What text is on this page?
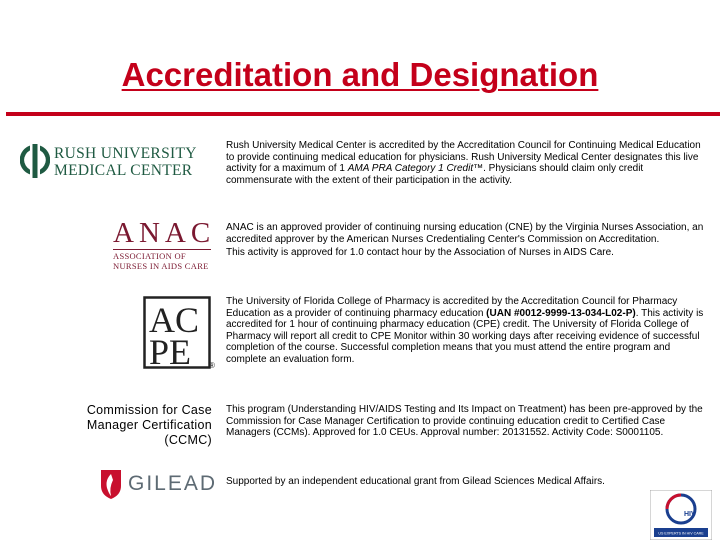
Accreditation and Designation
RUSH UNIVERSITY
MEDICAL CENTER

Rush University Medical Center is accredited by the Accreditation Council for Continuing Medical Education to provide continuing medical education for physicians. Rush University Medical Center designates this live activity for a maximum of 1 AMA PRA Category 1 Credit™. Physicians should claim only credit commensurate with the extent of their participation in the activity.

ANAC
ASSOCIATION OF
NURSES IN AIDS CARE

ANAC is an approved provider of continuing nursing education (CNE) by the Virginia Nurses Association, an accredited approver by the American Nurses Credentialing Center's Commission on Accreditation.

This activity is approved for 1.0 contact hour by the Association of Nurses in AIDS Care.

AC
PE ®

The University of Florida College of Pharmacy is accredited by the Accreditation Council for Pharmacy Education as a provider of continuing pharmacy education (UAN #0012-9999-13-034-L02-P). This activity is accredited for 1 hour of continuing pharmacy education (CPE) credit. The University of Florida College of Pharmacy will report all credit to CPE Monitor within 30 working days after receiving evidence of successful completion of the course. Successful completion means that you must attend the entire program and complete an evaluation form.

Commission for Case
Manager Certification
(CCMC)
This program (Understanding HIV/AIDS Testing and Its Impact on Treatment) has been pre-approved by the Commission for Case Manager Certification to provide continuing education credit to Certified Case Managers (CCMs). Approved for 1.0 CEUs. Approval number: 20131552. Activity Code: S0001105.
GILEAD Supported by an independent educational grant from Gilead Sciences Medical Affairs.
HIV
US EXPERTS IN HIV CARE
